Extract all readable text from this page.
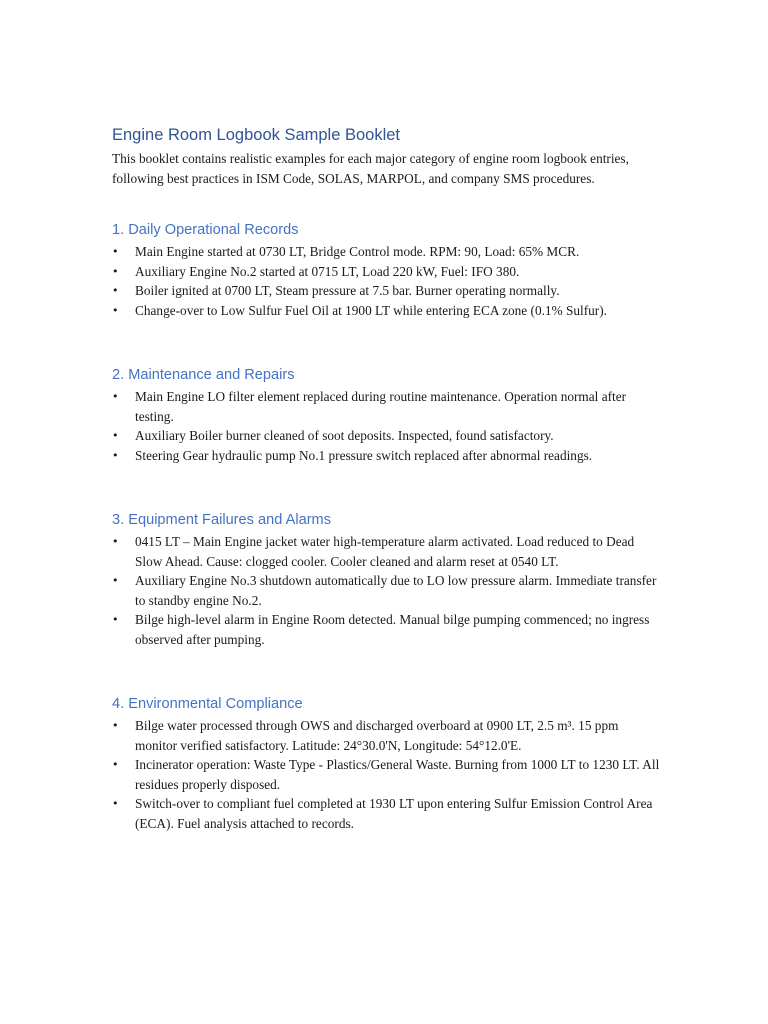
Engine Room Logbook Sample Booklet

This booklet contains realistic examples for each major category of engine room logbook entries, following best practices in ISM Code, SOLAS, MARPOL, and company SMS procedures.

1. Daily Operational Records
• Main Engine started at 0730 LT, Bridge Control mode. RPM: 90, Load: 65% MCR.
• Auxiliary Engine No.2 started at 0715 LT, Load 220 kW, Fuel: IFO 380.
• Boiler ignited at 0700 LT, Steam pressure at 7.5 bar. Burner operating normally.
• Change-over to Low Sulfur Fuel Oil at 1900 LT while entering ECA zone (0.1% Sulfur).
2. Maintenance and Repairs
• Main Engine LO filter element replaced during routine maintenance. Operation normal after testing.
• Auxiliary Boiler burner cleaned of soot deposits. Inspected, found satisfactory.
• Steering Gear hydraulic pump No.1 pressure switch replaced after abnormal readings.
3. Equipment Failures and Alarms
• 0415 LT – Main Engine jacket water high-temperature alarm activated. Load reduced to Dead Slow Ahead. Cause: clogged cooler. Cooler cleaned and alarm reset at 0540 LT.
• Auxiliary Engine No.3 shutdown automatically due to LO low pressure alarm. Immediate transfer to standby engine No.2.
• Bilge high-level alarm in Engine Room detected. Manual bilge pumping commenced; no ingress observed after pumping.
4. Environmental Compliance
• Bilge water processed through OWS and discharged overboard at 0900 LT, 2.5 m³. 15 ppm monitor verified satisfactory. Latitude: 24°30.0'N, Longitude: 54°12.0'E.
• Incinerator operation: Waste Type - Plastics/General Waste. Burning from 1000 LT to 1230 LT. All residues properly disposed.
• Switch-over to compliant fuel completed at 1930 LT upon entering Sulfur Emission Control Area (ECA). Fuel analysis attached to records.
